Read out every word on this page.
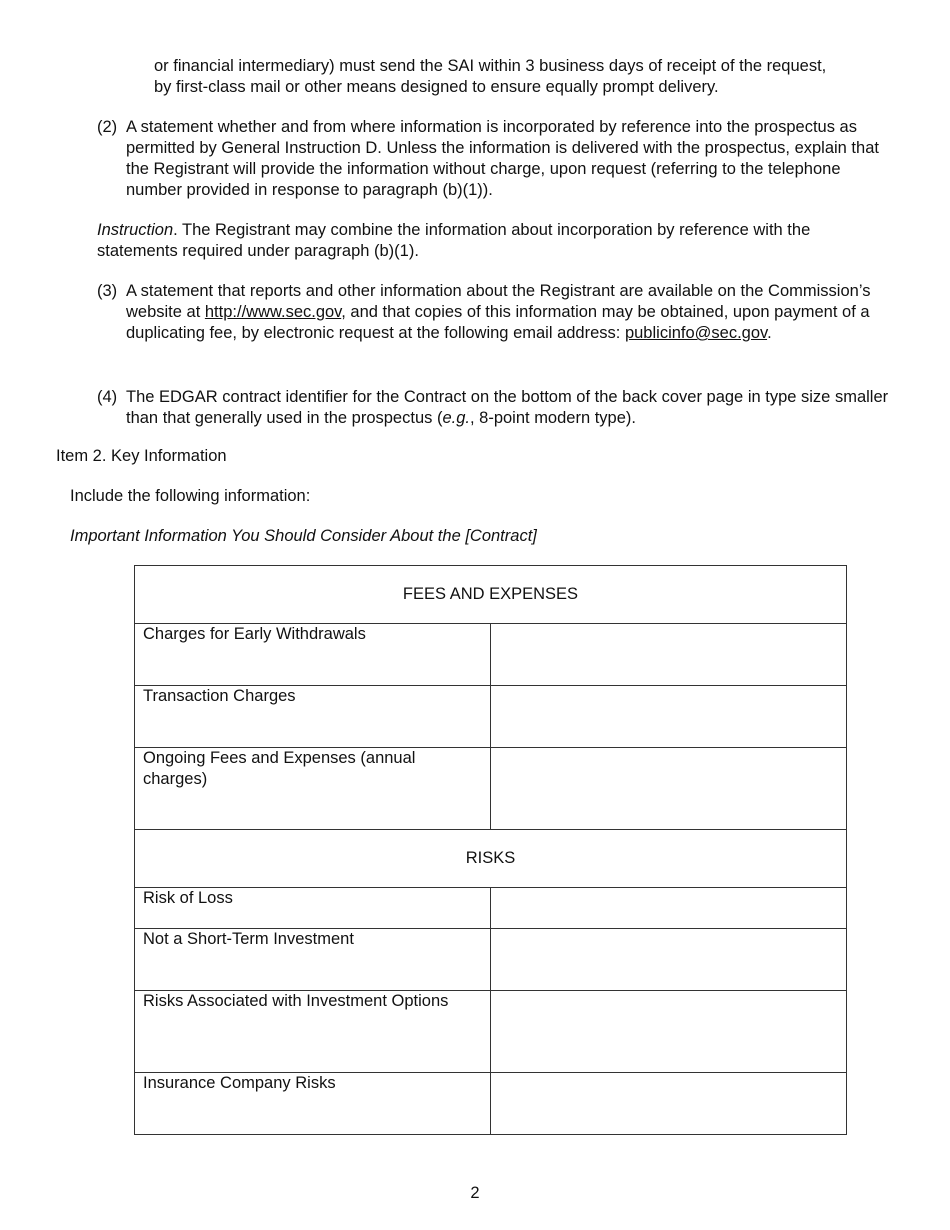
or financial intermediary) must send the SAI within 3 business days of receipt of the request,

by first-class mail or other means designed to ensure equally prompt delivery.

(2) A statement whether and from where information is incorporated by reference into the prospectus as permitted by General Instruction D. Unless the information is delivered with the prospectus, explain that the Registrant will provide the information without charge, upon request (referring to the telephone number provided in response to paragraph (b)(1)).

Instruction. The Registrant may combine the information about incorporation by reference with the statements required under paragraph (b)(1).

(3) A statement that reports and other information about the Registrant are available on the Commission’s website at http://www.sec.gov, and that copies of this information may be obtained, upon payment of a duplicating fee, by electronic request at the following email address: publicinfo@sec.gov.

(4) The EDGAR contract identifier for the Contract on the bottom of the back cover page in type size smaller than that generally used in the prospectus (e.g., 8-point modern type).

Item 2. Key Information

Include the following information:

Important Information You Should Consider About the [Contract]

FEES AND EXPENSES	
Charges for Early Withdrawals	
Transaction Charges	
Ongoing Fees and Expenses (annual charges)	
RISKS	
Risk of Loss	
Not a Short-Term Investment	
Risks Associated with Investment Options	
Insurance Company Risks	
2
